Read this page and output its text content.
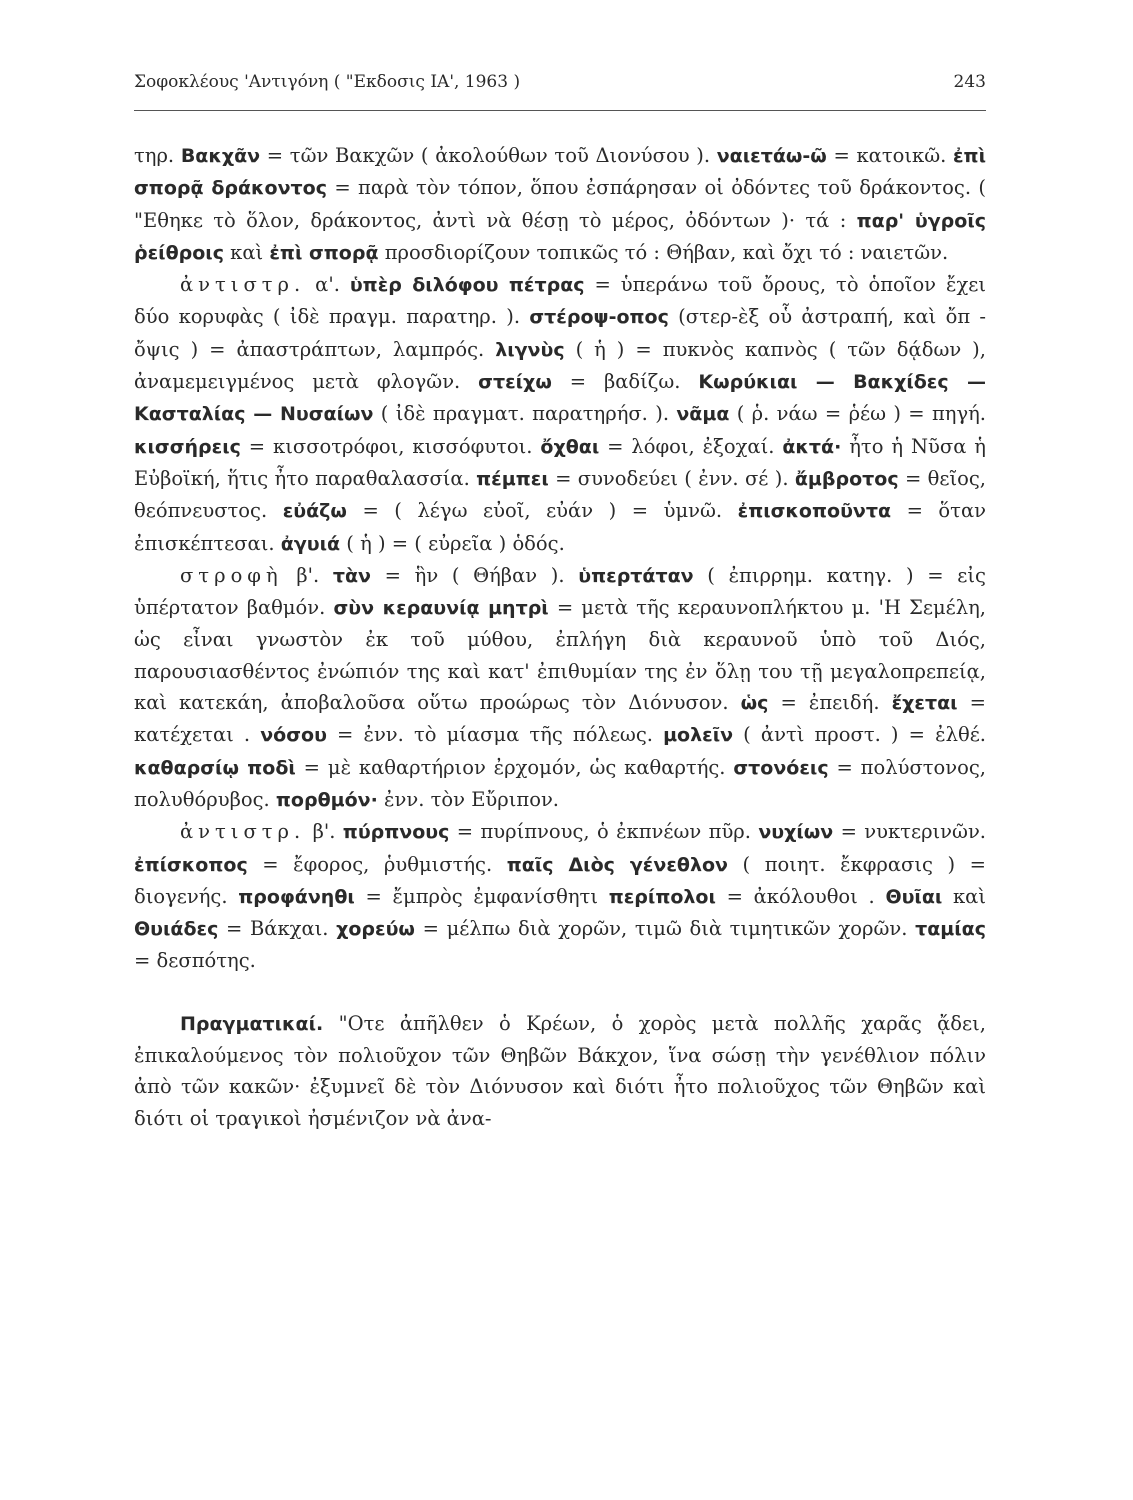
Σοφοκλέους 'Αντιγόνη ( "Εκδοσις ΙΑ', 1963 )	243

τηρ. Βακχᾶν = τῶν Βακχῶν ( ἀκολούθων τοῦ Διονύσου ). ναιετάω-ῶ = κατοικῶ. ἐπὶ σπορᾷ δράκοντος = παρὰ τὸν τόπον, ὅπου ἐσπάρησαν οἱ ὀδόντες τοῦ δράκοντος. ( "Εθηκε τὸ ὅλον, δράκοντος, ἀντὶ νὰ θέσῃ τὸ μέρος, ὀδόντων )· τά : παρ' ὑγροῖς ῥείθροις καὶ ἐπὶ σπορᾷ προσδιορίζουν τοπικῶς τό : Θήβαν, καὶ ὄχι τό : ναιετῶν.

ἀντιστρ. α'. ὑπὲρ διλόφου πέτρας = ὑπεράνω τοῦ ὄρους, τὸ ὁποῖον ἔχει δύο κορυφὰς ( ἰδὲ πραγμ. παρατηρ. ). στέροψ-οπος (στερ-ὲξ οὗ ἀστραπή, καὶ ὄπ - ὄψις ) = ἀπαστράπτων, λαμπρός. λιγνὺς ( ἡ ) = πυκνὸς καπνὸς ( τῶν δᾴδων ), ἀναμεμειγμένος μετὰ φλογῶν. στείχω = βαδίζω. Κωρύκιαι — Βακχίδες — Κασταλίας — Νυσαίων ( ἰδὲ πραγματ. παρατηρήσ. ). νᾶμα ( ῥ. νάω = ῥέω ) = πηγή. κισσήρεις = κισσοτρόφοι, κισσόφυτοι. ὄχθαι = λόφοι, ἐξοχαί. ἀκτά· ἦτο ἡ Νῦσα ἡ Εὐβοϊκή, ἥτις ἦτο παραθαλασσία. πέμπει = συνοδεύει ( ἐνν. σέ ). ἄμβροτος = θεῖος, θεόπνευστος. εὐάζω = ( λέγω εὐοῖ, εὐάν ) = ὑμνῶ. ἐπισκοποῦντα = ὅταν ἐπισκέπτεσαι. ἀγυιά ( ἡ ) = ( εὐρεῖα ) ὁδός.

στροφὴ β'. τὰν = ἣν ( Θήβαν ). ὑπερτάταν ( ἐπιρρημ. κατηγ. ) = εἰς ὑπέρτατον βαθμόν. σὺν κεραυνίᾳ μητρὶ = μετὰ τῆς κεραυνοπλήκτου μ. 'Η Σεμέλη, ὡς εἶναι γνωστὸν ἐκ τοῦ μύθου, ἐπλήγη διὰ κεραυνοῦ ὑπὸ τοῦ Διός, παρουσιασθέντος ἐνώπιόν της καὶ κατ' ἐπιθυμίαν της ἐν ὅλῃ του τῇ μεγαλοπρεπείᾳ, καὶ κατεκάη, ἀποβαλοῦσα οὕτω προώρως τὸν Διόνυσον. ὡς = ἐπειδή. ἔχεται = κατέχεται . νόσου = ἐνν. τὸ μίασμα τῆς πόλεως. μολεῖν ( ἀντὶ προστ. ) = ἐλθέ. καθαρσίῳ ποδὶ = μὲ καθαρτήριον ἐρχομόν, ὡς καθαρτής. στονόεις = πολύστονος, πολυθόρυβος. πορθμόν· ἐνν. τὸν Εὔριπον.

ἀντιστρ. β'. πύρπνους = πυρίπνους, ὁ ἐκπνέων πῦρ. νυχίων = νυκτερινῶν. ἐπίσκοπος = ἔφορος, ῥυθμιστής. παῖς Διὸς γένεθλον ( ποιητ. ἔκφρασις ) = διογενής. προφάνηθι = ἔμπρὸς ἐμφανίσθητι περίπολοι = ἀκόλουθοι . Θυῖαι καὶ Θυιάδες = Βάκχαι. χορεύω = μέλπω διὰ χορῶν, τιμῶ διὰ τιμητικῶν χορῶν. ταμίας = δεσπότης.

Πραγματικαί. "Οτε ἀπῆλθεν ὁ Κρέων, ὁ χορὸς μετὰ πολλῆς χαρᾶς ᾄδει, ἐπικαλούμενος τὸν πολιοῦχον τῶν Θηβῶν Βάκχον, ἵνα σώσῃ τὴν γενέθλιον πόλιν ἀπὸ τῶν κακῶν· ἐξυμνεῖ δὲ τὸν Διόνυσον καὶ διότι ἦτο πολιοῦχος τῶν Θηβῶν καὶ διότι οἱ τραγικοὶ ἠσμένιζον νὰ ἀνα-
